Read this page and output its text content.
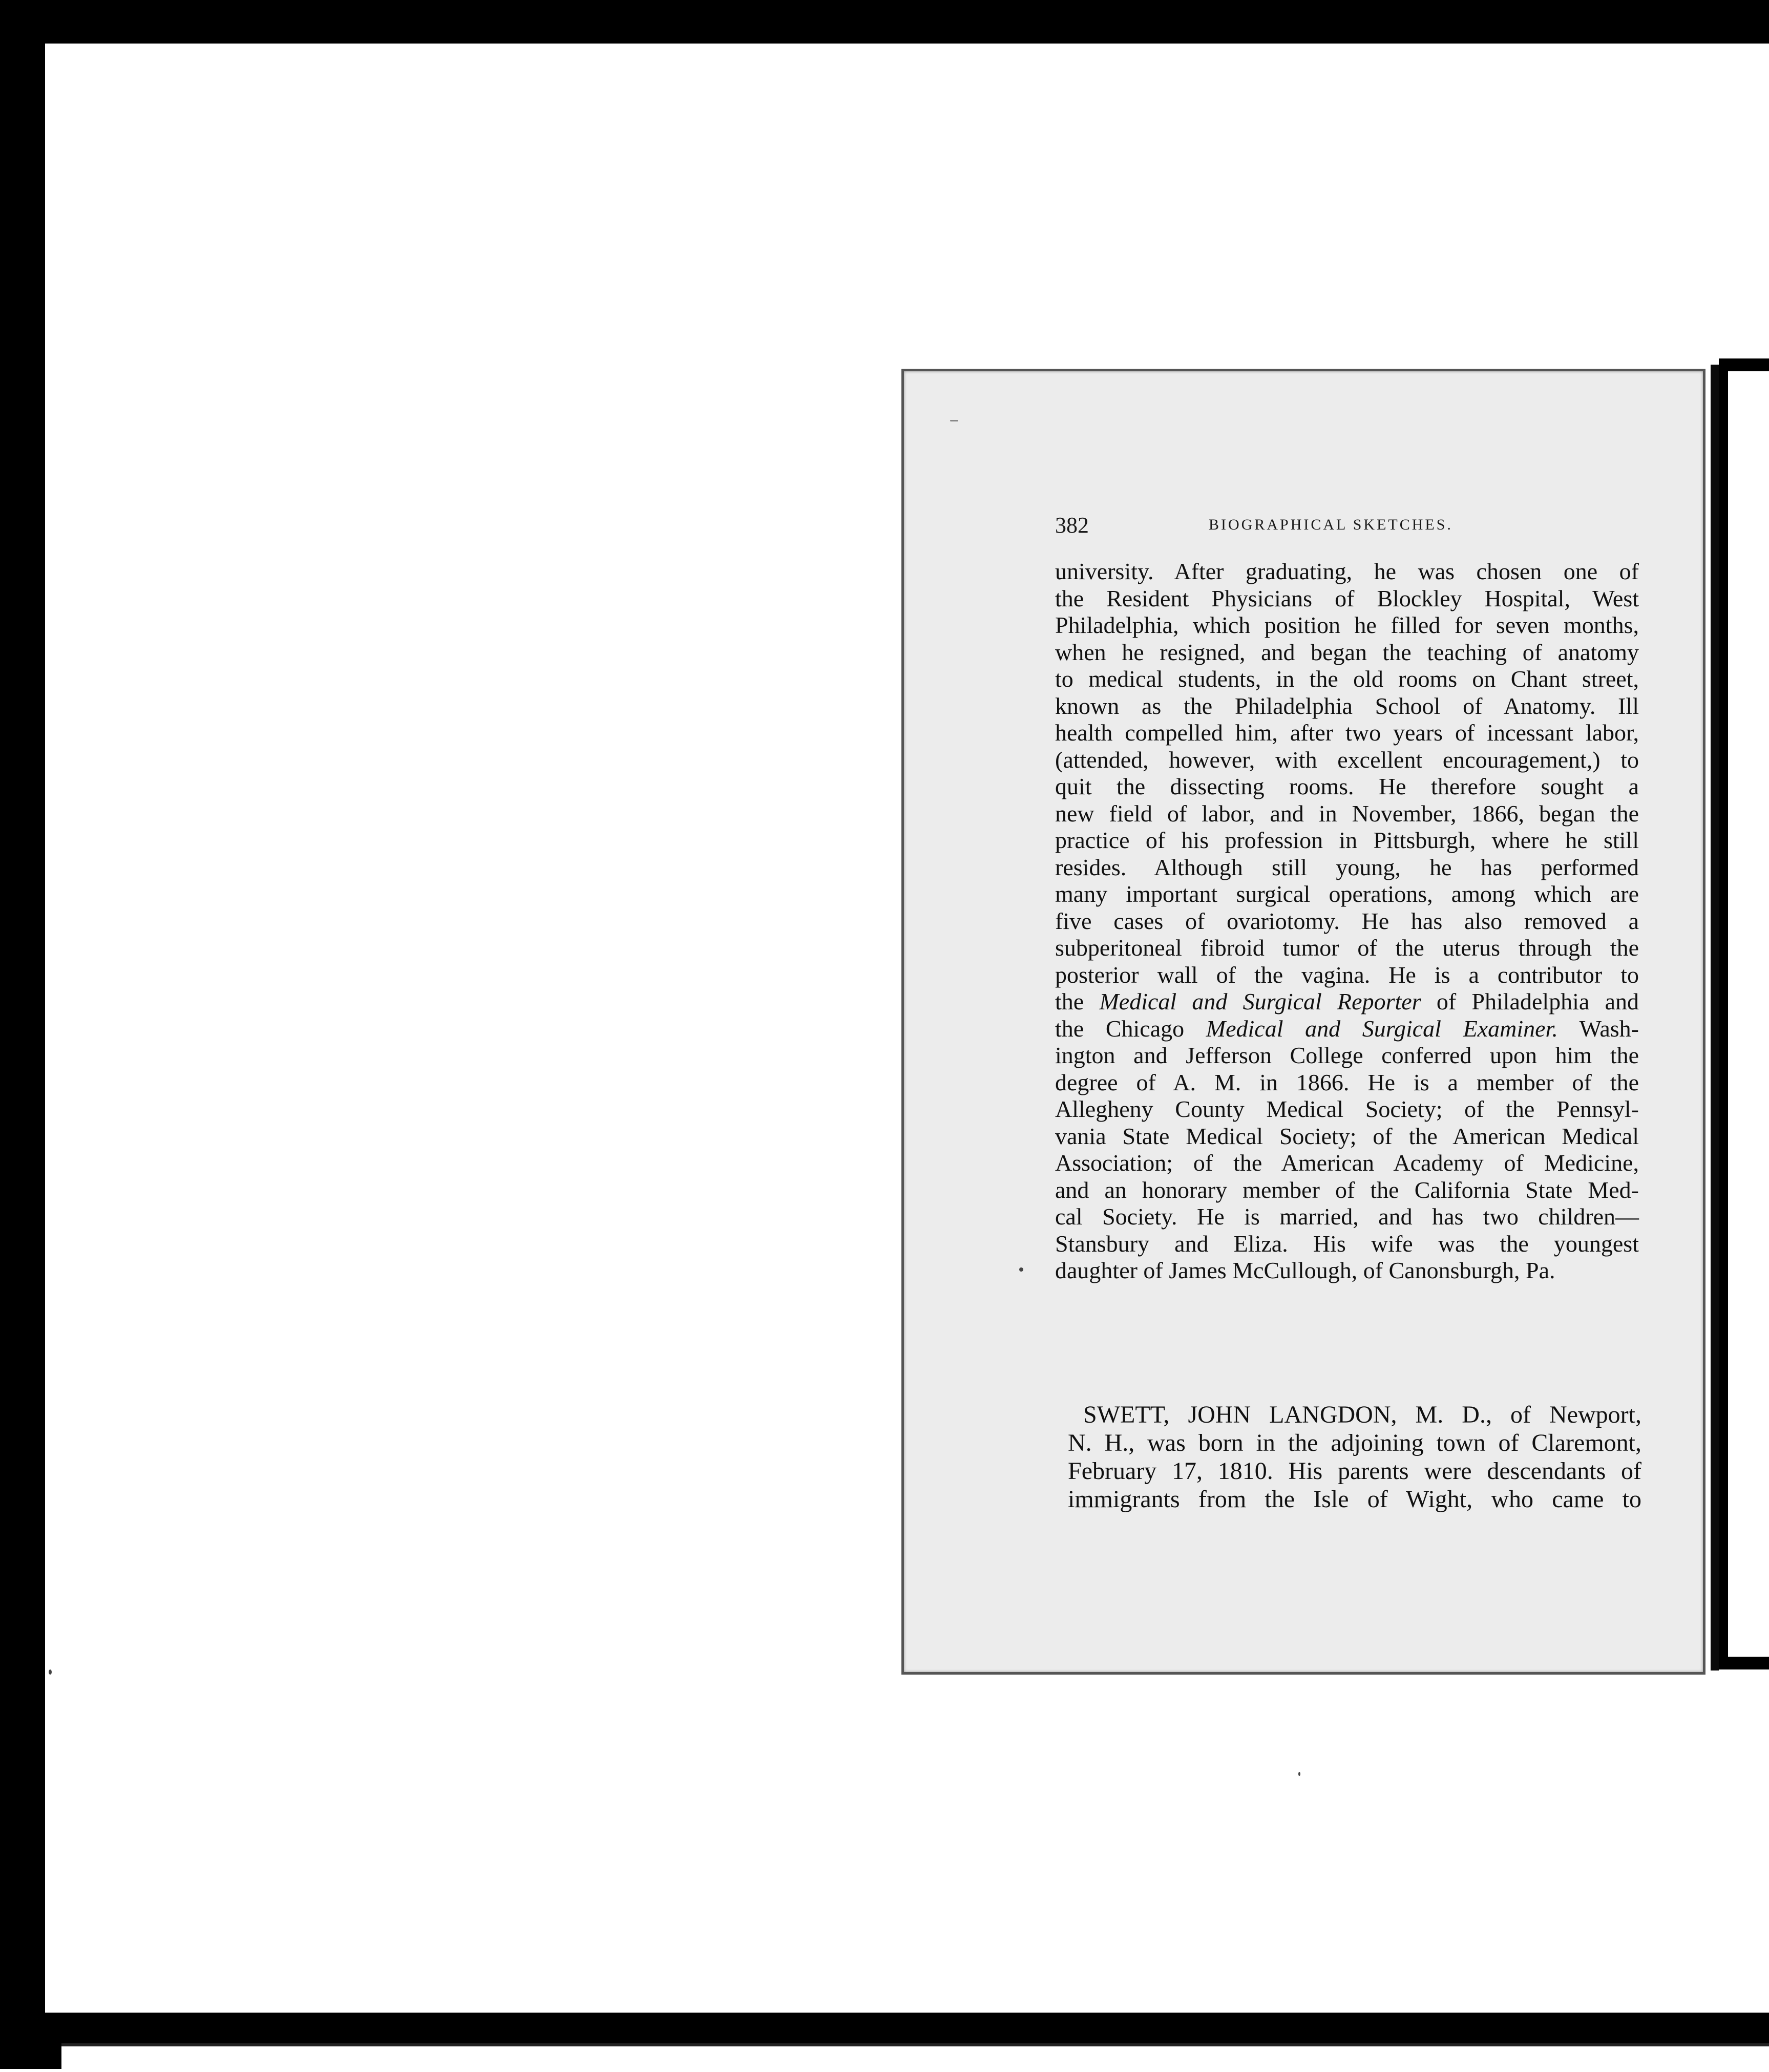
382	BIOGRAPHICAL SKETCHES.
university. After graduating, he was chosen one of
the Resident Physicians of Blockley Hospital, West
Philadelphia, which position he filled for seven months,
when he resigned, and began the teaching of anatomy
to medical students, in the old rooms on Chant street,
known as the Philadelphia School of Anatomy. Ill
health compelled him, after two years of incessant labor,
(attended, however, with excellent encouragement,) to
quit the dissecting rooms. He therefore sought a
new field of labor, and in November, 1866, began the
practice of his profession in Pittsburgh, where he still
resides. Although still young, he has performed
many important surgical operations, among which are
five cases of ovariotomy. He has also removed a
subperitoneal fibroid tumor of the uterus through the
posterior wall of the vagina. He is a contributor to
the Medical and Surgical Reporter of Philadelphia and
the Chicago Medical and Surgical Examiner. Wash-
ington and Jefferson College conferred upon him the
degree of A. M. in 1866. He is a member of the
Allegheny County Medical Society; of the Pennsyl-
vania State Medical Society; of the American Medical
Association; of the American Academy of Medicine,
and an honorary member of the California State Med-
cal Society. He is married, and has two children—
Stansbury and Eliza. His wife was the youngest
daughter of James McCullough, of Canonsburgh, Pa.
SWETT, JOHN LANGDON, M. D., of Newport,
N. H., was born in the adjoining town of Claremont,
February 17, 1810. His parents were descendants of
immigrants from the Isle of Wight, who came to
